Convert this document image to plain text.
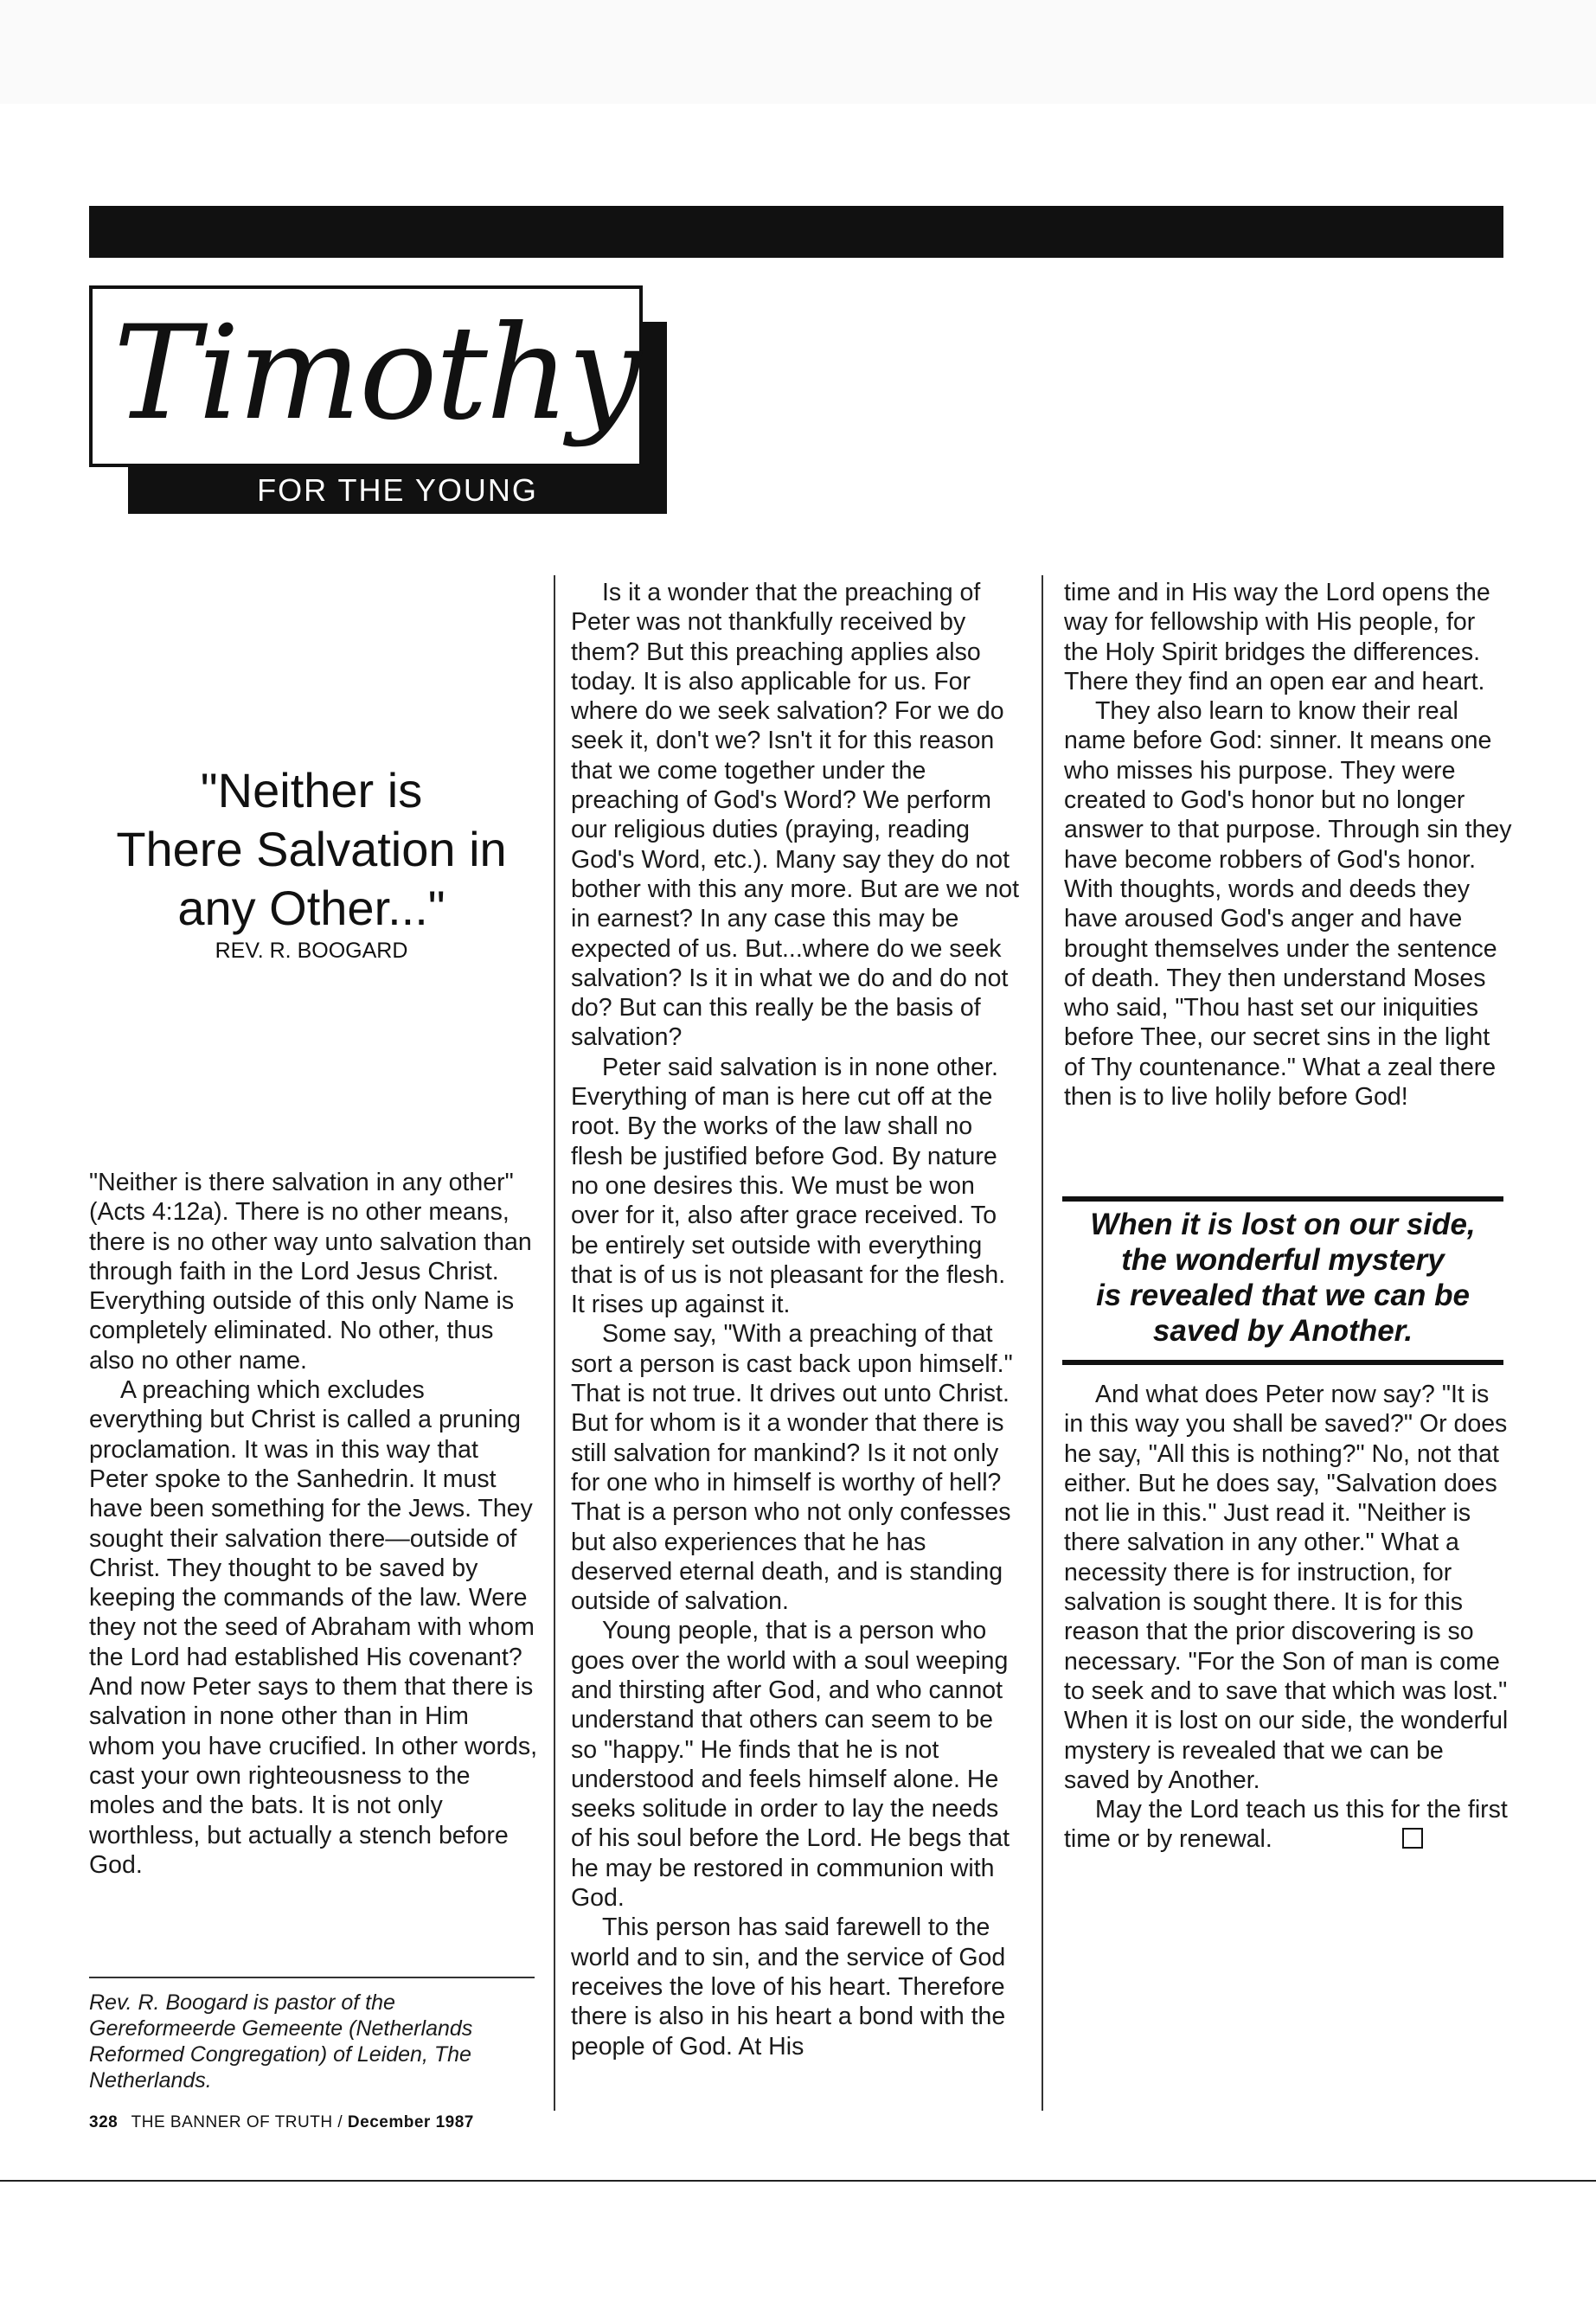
Timothy
FOR THE YOUNG
"Neither is
There Salvation in
any Other..."
REV. R. BOOGARD

"Neither is there salvation in any other" (Acts 4:12a). There is no other means, there is no other way unto salvation than through faith in the Lord Jesus Christ. Everything outside of this only Name is completely eliminated. No other, thus also no other name.

A preaching which excludes everything but Christ is called a pruning proclamation. It was in this way that Peter spoke to the Sanhedrin. It must have been something for the Jews. They sought their salvation there—outside of Christ. They thought to be saved by keeping the commands of the law. Were they not the seed of Abraham with whom the Lord had established His covenant? And now Peter says to them that there is salvation in none other than in Him whom you have crucified. In other words, cast your own righteousness to the moles and the bats. It is not only worthless, but actually a stench before God.

Rev. R. Boogard is pastor of the Gereformeerde Gemeente (Netherlands Reformed Congregation) of Leiden, The Netherlands.

Is it a wonder that the preaching of Peter was not thankfully received by them? But this preaching applies also today. It is also applicable for us. For where do we seek salvation? For we do seek it, don't we? Isn't it for this reason that we come together under the preaching of God's Word? We perform our religious duties (praying, reading God's Word, etc.). Many say they do not bother with this any more. But are we not in earnest? In any case this may be expected of us. But...where do we seek salvation? Is it in what we do and do not do? But can this really be the basis of salvation?

Peter said salvation is in none other. Everything of man is here cut off at the root. By the works of the law shall no flesh be justified before God. By nature no one desires this. We must be won over for it, also after grace received. To be entirely set outside with everything that is of us is not pleasant for the flesh. It rises up against it.

Some say, "With a preaching of that sort a person is cast back upon himself." That is not true. It drives out unto Christ. But for whom is it a wonder that there is still salvation for mankind? Is it not only for one who in himself is worthy of hell? That is a person who not only confesses but also experiences that he has deserved eternal death, and is standing outside of salvation.

Young people, that is a person who goes over the world with a soul weeping and thirsting after God, and who cannot understand that others can seem to be so "happy." He finds that he is not understood and feels himself alone. He seeks solitude in order to lay the needs of his soul before the Lord. He begs that he may be restored in communion with God.

This person has said farewell to the world and to sin, and the service of God receives the love of his heart. Therefore there is also in his heart a bond with the people of God. At His

time and in His way the Lord opens the way for fellowship with His people, for the Holy Spirit bridges the differences. There they find an open ear and heart.

They also learn to know their real name before God: sinner. It means one who misses his purpose. They were created to God's honor but no longer answer to that purpose. Through sin they have become robbers of God's honor. With thoughts, words and deeds they have aroused God's anger and have brought themselves under the sentence of death. They then understand Moses who said, "Thou hast set our iniquities before Thee, our secret sins in the light of Thy countenance." What a zeal there then is to live holily before God!

When it is lost on our side,
the wonderful mystery
is revealed that we can be
saved by Another.

And what does Peter now say? "It is in this way you shall be saved?" Or does he say, "All this is nothing?" No, not that either. But he does say, "Salvation does not lie in this." Just read it. "Neither is there salvation in any other." What a necessity there is for instruction, for salvation is sought there. It is for this reason that the prior discovering is so necessary. "For the Son of man is come to seek and to save that which was lost." When it is lost on our side, the wonderful mystery is revealed that we can be saved by Another.

May the Lord teach us this for the first time or by renewal.

328 THE BANNER OF TRUTH / December 1987
